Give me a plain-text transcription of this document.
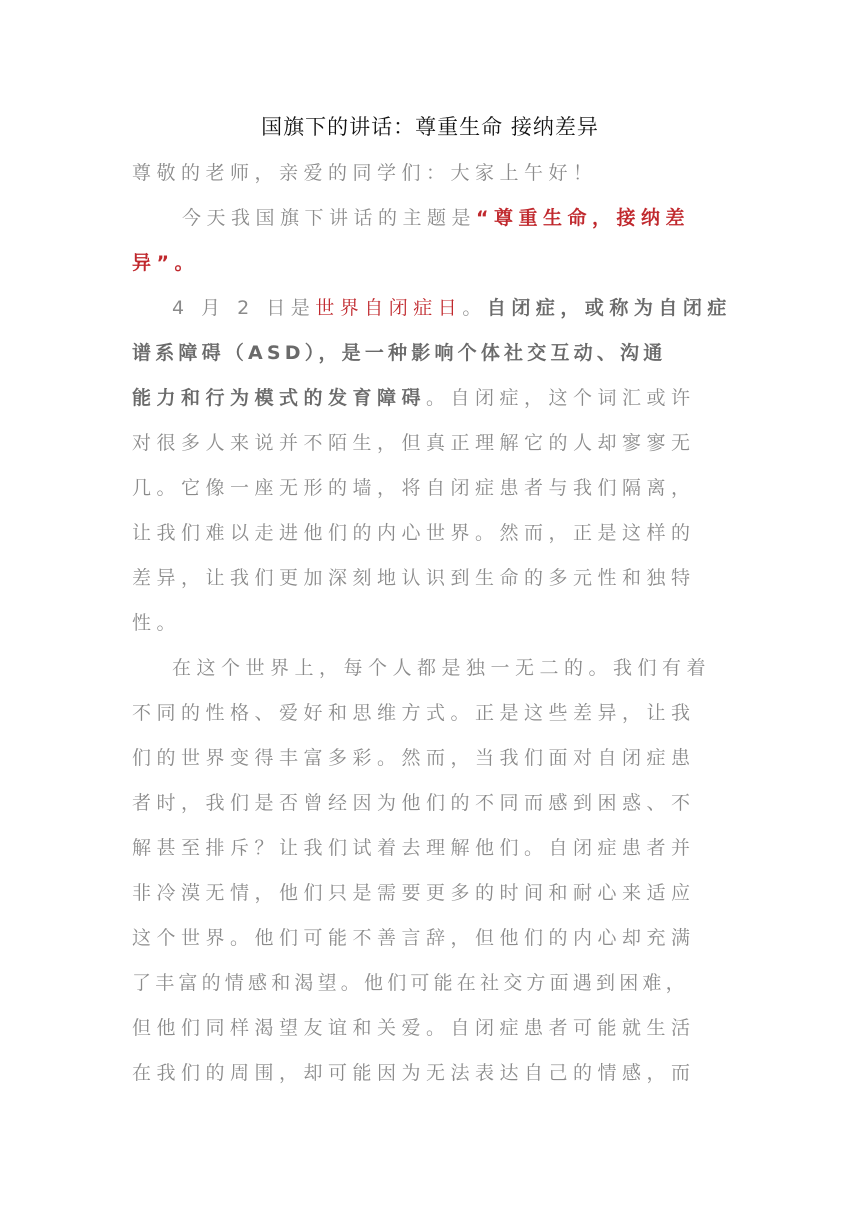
国旗下的讲话：尊重生命 接纳差异
尊敬的老师，亲爱的同学们：大家上午好！
今天我国旗下讲话的主题是“尊重生命，接纳差
异”。
4 月 2 日是世界自闭症日。自闭症，或称为自闭症
谱系障碍（ASD），是一种影响个体社交互动、沟通
能力和行为模式的发育障碍。自闭症，这个词汇或许
对很多人来说并不陌生，但真正理解它的人却寥寥无
几。它像一座无形的墙，将自闭症患者与我们隔离，
让我们难以走进他们的内心世界。然而，正是这样的
差异，让我们更加深刻地认识到生命的多元性和独特
性。
在这个世界上，每个人都是独一无二的。我们有着
不同的性格、爱好和思维方式。正是这些差异，让我
们的世界变得丰富多彩。然而，当我们面对自闭症患
者时，我们是否曾经因为他们的不同而感到困惑、不
解甚至排斥？让我们试着去理解他们。自闭症患者并
非冷漠无情，他们只是需要更多的时间和耐心来适应
这个世界。他们可能不善言辞，但他们的内心却充满
了丰富的情感和渴望。他们可能在社交方面遇到困难，
但他们同样渴望友谊和关爱。自闭症患者可能就生活
在我们的周围，却可能因为无法表达自己的情感，而
